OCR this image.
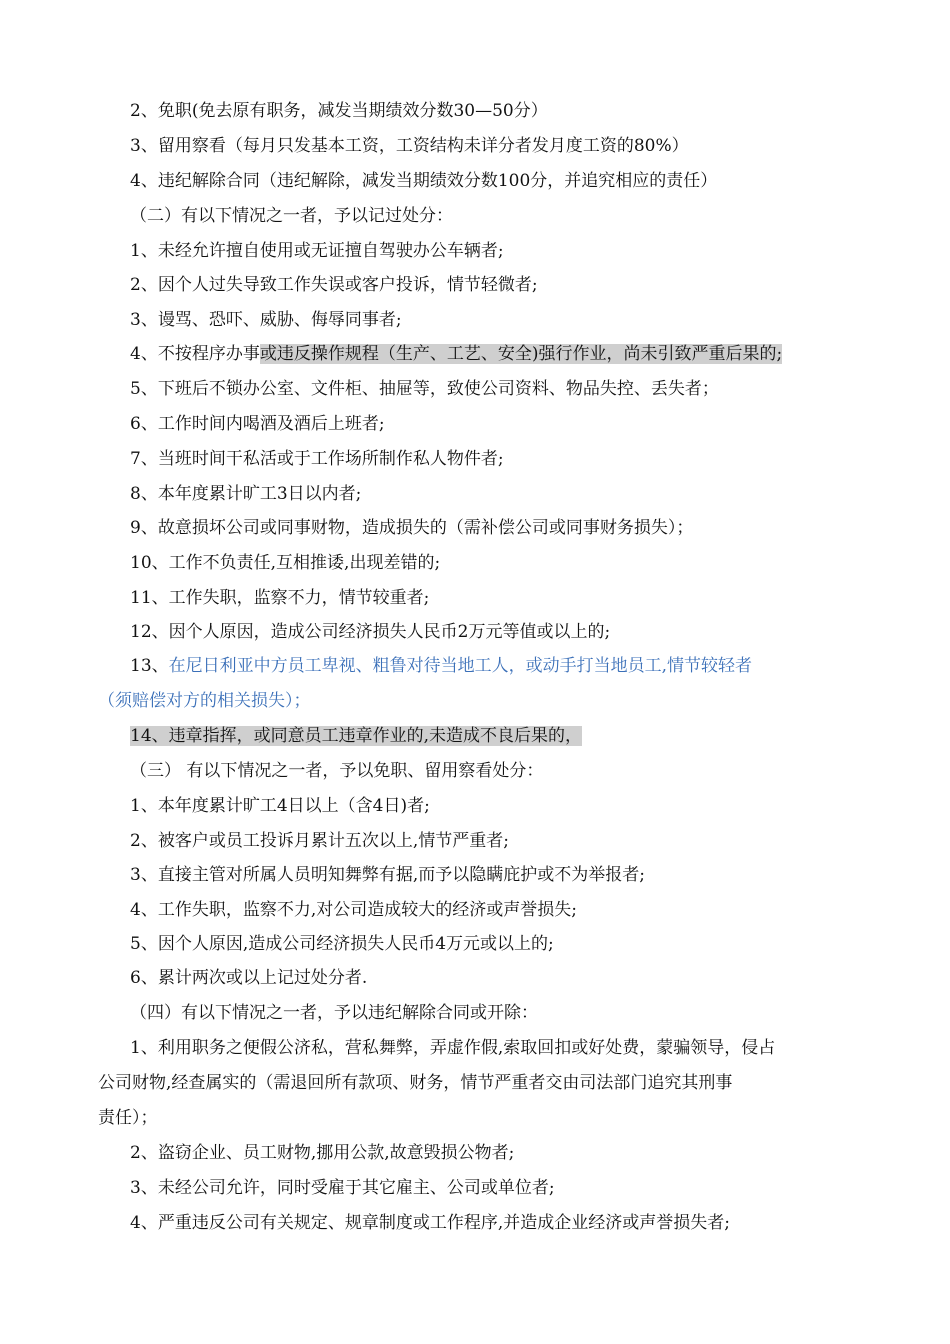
2、免职(免去原有职务，减发当期绩效分数30—50分）
3、留用察看（每月只发基本工资，工资结构未详分者发月度工资的80%）
4、违纪解除合同（违纪解除，减发当期绩效分数100分，并追究相应的责任）
（二）有以下情况之一者，予以记过处分：
1、未经允许擅自使用或无证擅自驾驶办公车辆者;
2、因个人过失导致工作失误或客户投诉，情节轻微者;
3、谩骂、恐吓、威胁、侮辱同事者;
4、不按程序办事或违反操作规程（生产、工艺、安全)强行作业，尚未引致严重后果的;
5、下班后不锁办公室、文件柜、抽屉等，致使公司资料、物品失控、丢失者；
6、工作时间内喝酒及酒后上班者;
7、当班时间干私活或于工作场所制作私人物件者;
8、本年度累计旷工3日以内者;
9、故意损坏公司或同事财物，造成损失的（需补偿公司或同事财务损失）；
10、工作不负责任,互相推诿,出现差错的;
11、工作失职，监察不力，情节较重者;
12、因个人原因，造成公司经济损失人民币2万元等值或以上的;
13、在尼日利亚中方员工卑视、粗鲁对待当地工人，或动手打当地员工,情节较轻者
（须赔偿对方的相关损失）；
14、违章指挥，或同意员工违章作业的,未造成不良后果的，
（三） 有以下情况之一者，予以免职、留用察看处分：
1、本年度累计旷工4日以上（含4日)者;
2、被客户或员工投诉月累计五次以上,情节严重者;
3、直接主管对所属人员明知舞弊有据,而予以隐瞒庇护或不为举报者;
4、工作失职，监察不力,对公司造成较大的经济或声誉损失;
5、因个人原因,造成公司经济损失人民币4万元或以上的;
6、累计两次或以上记过处分者.
（四）有以下情况之一者，予以违纪解除合同或开除：
1、利用职务之便假公济私，营私舞弊，弄虚作假,索取回扣或好处费，蒙骗领导，侵占
公司财物,经查属实的（需退回所有款项、财务，情节严重者交由司法部门追究其刑事
责任）；
2、盗窃企业、员工财物,挪用公款,故意毁损公物者;
3、未经公司允许，同时受雇于其它雇主、公司或单位者;
4、严重违反公司有关规定、规章制度或工作程序,并造成企业经济或声誉损失者;
